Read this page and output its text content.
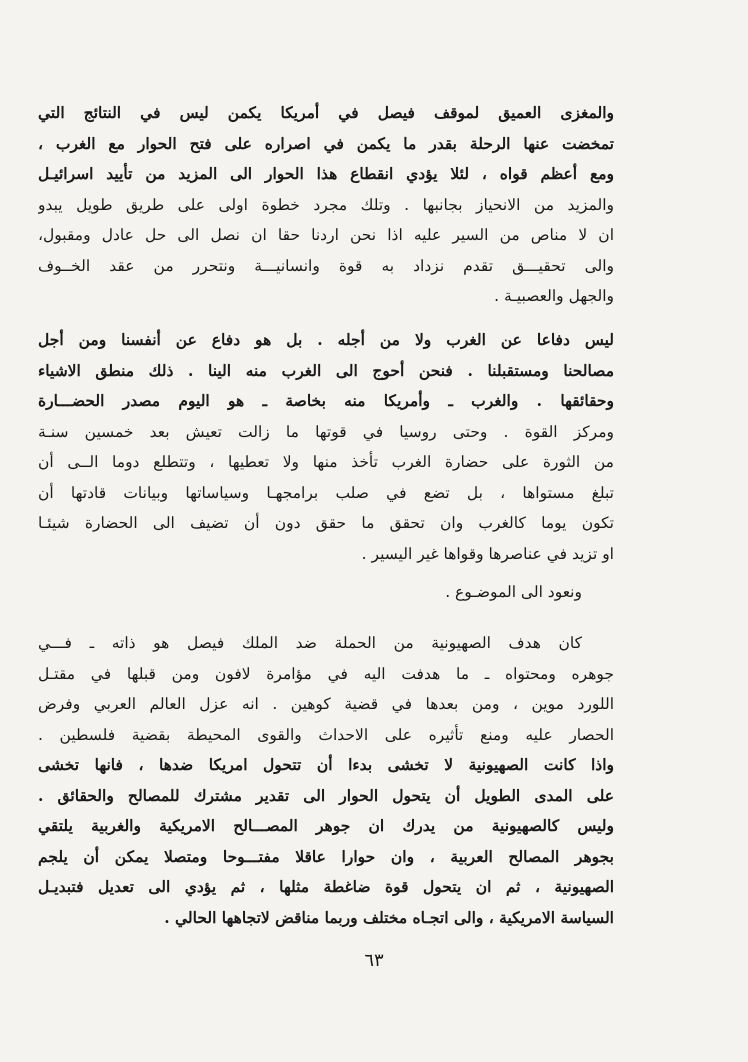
والمغزى العميق لموقف فيصل في أمريكا يكمن ليس في النتائج التي
تمخضت عنها الرحلة بقدر ما يكمن في اصراره على فتح الحوار مع الغرب ،
ومع أعظم قواه ، لئلا يؤدي انقطاع هذا الحوار الى المزيد من تأييد اسرائيـل
والمزيد من الانحياز بجانبها . وتلك مجرد خطوة اولى على طريق طويل يبدو
ان لا مناص من السير عليه اذا نحن اردنا حقا ان نصل الى حل عادل ومقبول،
والى تحقيـــق تقدم نزداد به قوة وانسانيـــة ونتحرر من عقد الخــوف
والجهل والعصبيـة .
ليس دفاعا عن الغرب ولا من أجله . بل هو دفاع عن أنفسنا ومن أجل
مصالحنا ومستقبلنا . فنحن أحوج الى الغرب منه الينا . ذلك منطق الاشياء
وحقائقها . والغرب ـ وأمريكا منه بخاصة ـ هو اليوم مصدر الحضـــارة
ومركز القوة . وحتى روسيا في قوتها ما زالت تعيش بعد خمسين سنـة
من الثورة على حضارة الغرب تأخذ منها ولا تعطيها ، وتتطلع دوما الــى أن
تبلغ مستواها ، بل تضع في صلب برامجهـا وسياساتها وبيانات قادتها أن
تكون يوما كالغرب وان تحقق ما حقق دون أن تضيف الى الحضارة شيئـا
او تزيد في عناصرها وقواها غير اليسير .
ونعود الى الموضـوع .
كان هدف الصهيونية من الحملة ضد الملك فيصل هو ذاته ـ فـــي
جوهره ومحتواه ـ ما هدفت اليه في مؤامرة لافون ومن قبلها في مقتـل
اللورد موين ، ومن بعدها في قضية كوهين . انه عزل العالم العربي وفرض
الحصار عليه ومنع تأثيره على الاحداث والقوى المحيطة بقضية فلسطين .
واذا كانت الصهيونية لا تخشى بدءا أن تتحول امريكا ضدها ، فانها تخشى
على المدى الطويل أن يتحول الحوار الى تقدير مشترك للمصالح والحقائق .
وليس كالصهيونية من يدرك ان جوهر المصـــالح الامريكية والغربية يلتقي
بجوهر المصالح العربية ، وان حوارا عاقلا مفتـــوحا ومتصلا يمكن أن يلجم
الصهيونية ، ثم ان يتحول قوة ضاغطة مثلها ، ثم يؤدي الى تعديل فتبديـل
السياسة الامريكية ، والى اتجـاه مختلف وربما مناقض لاتجاهها الحالي .
٦٣
